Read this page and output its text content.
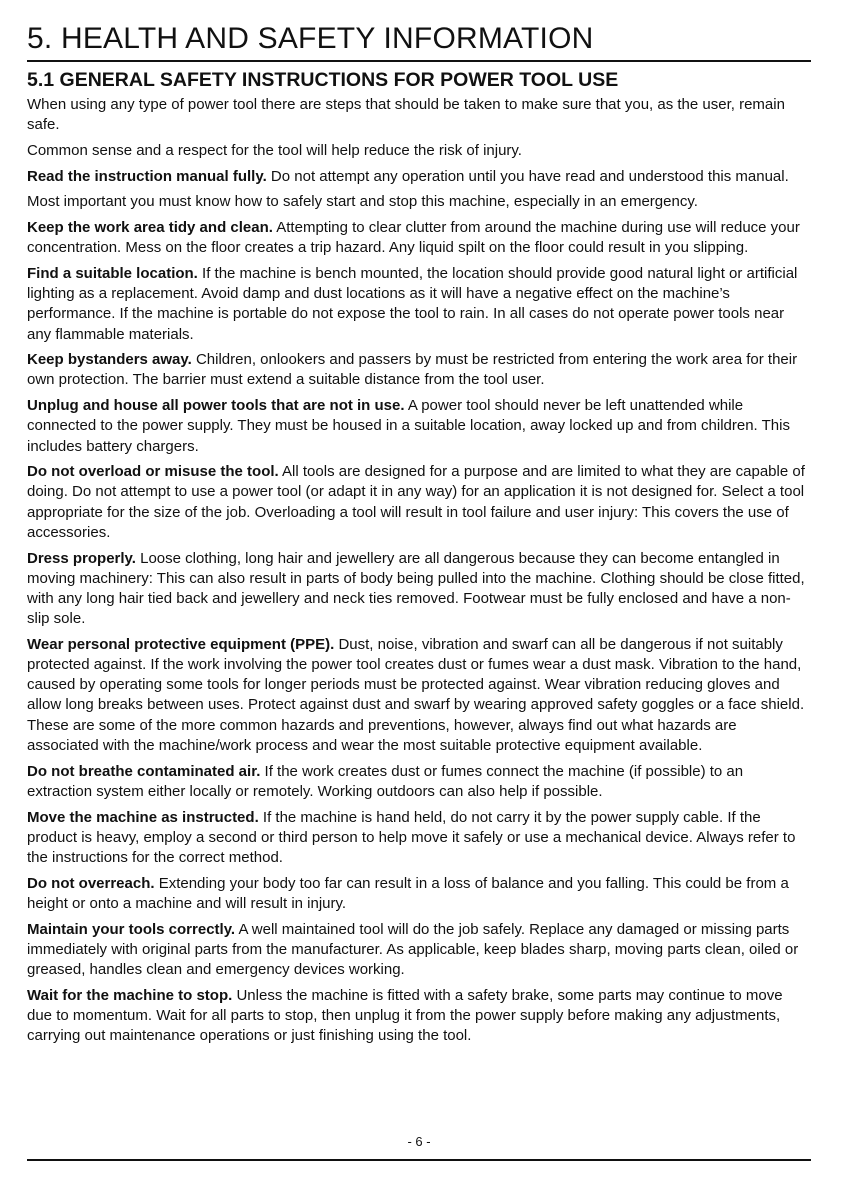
5. HEALTH AND SAFETY INFORMATION
5.1 GENERAL SAFETY INSTRUCTIONS FOR POWER TOOL USE

When using any type of power tool there are steps that should be taken to make sure that you, as the user, remain safe.

Common sense and a respect for the tool will help reduce the risk of injury.

Read the instruction manual fully. Do not attempt any operation until you have read and understood this manual.

Most important you must know how to safely start and stop this machine, especially in an emergency.

Keep the work area tidy and clean. Attempting to clear clutter from around the machine during use will reduce your concentration. Mess on the floor creates a trip hazard. Any liquid spilt on the floor could result in you slipping.

Find a suitable location. If the machine is bench mounted, the location should provide good natural light or artificial lighting as a replacement. Avoid damp and dust locations as it will have a negative effect on the machine’s performance. If the machine is portable do not expose the tool to rain. In all cases do not operate power tools near any flammable materials.

Keep bystanders away. Children, onlookers and passers by must be restricted from entering the work area for their own protection. The barrier must extend a suitable distance from the tool user.

Unplug and house all power tools that are not in use. A power tool should never be left unattended while connected to the power supply. They must be housed in a suitable location, away locked up and from children. This includes battery chargers.

Do not overload or misuse the tool. All tools are designed for a purpose and are limited to what they are capable of doing. Do not attempt to use a power tool (or adapt it in any way) for an application it is not designed for. Select a tool appropriate for the size of the job. Overloading a tool will result in tool failure and user injury: This covers the use of accessories.

Dress properly. Loose clothing, long hair and jewellery are all dangerous because they can become entangled in moving machinery: This can also result in parts of body being pulled into the machine. Clothing should be close fitted, with any long hair tied back and jewellery and neck ties removed. Footwear must be fully enclosed and have a non-slip sole.

Wear personal protective equipment (PPE). Dust, noise, vibration and swarf can all be dangerous if not suitably protected against. If the work involving the power tool creates dust or fumes wear a dust mask. Vibration to the hand, caused by operating some tools for longer periods must be protected against. Wear vibration reducing gloves and allow long breaks between uses. Protect against dust and swarf by wearing approved safety goggles or a face shield. These are some of the more common hazards and preventions, however, always find out what hazards are associated with the machine/work process and wear the most suitable protective equipment available.

Do not breathe contaminated air. If the work creates dust or fumes connect the machine (if possible) to an extraction system either locally or remotely. Working outdoors can also help if possible.

Move the machine as instructed. If the machine is hand held, do not carry it by the power supply cable. If the product is heavy, employ a second or third person to help move it safely or use a mechanical device. Always refer to the instructions for the correct method.

Do not overreach. Extending your body too far can result in a loss of balance and you falling. This could be from a height or onto a machine and will result in injury.

Maintain your tools correctly. A well maintained tool will do the job safely. Replace any damaged or missing parts immediately with original parts from the manufacturer. As applicable, keep blades sharp, moving parts clean, oiled or greased, handles clean and emergency devices working.

Wait for the machine to stop. Unless the machine is fitted with a safety brake, some parts may continue to move due to momentum. Wait for all parts to stop, then unplug it from the power supply before making any adjustments, carrying out maintenance operations or just finishing using the tool.

- 6 -
